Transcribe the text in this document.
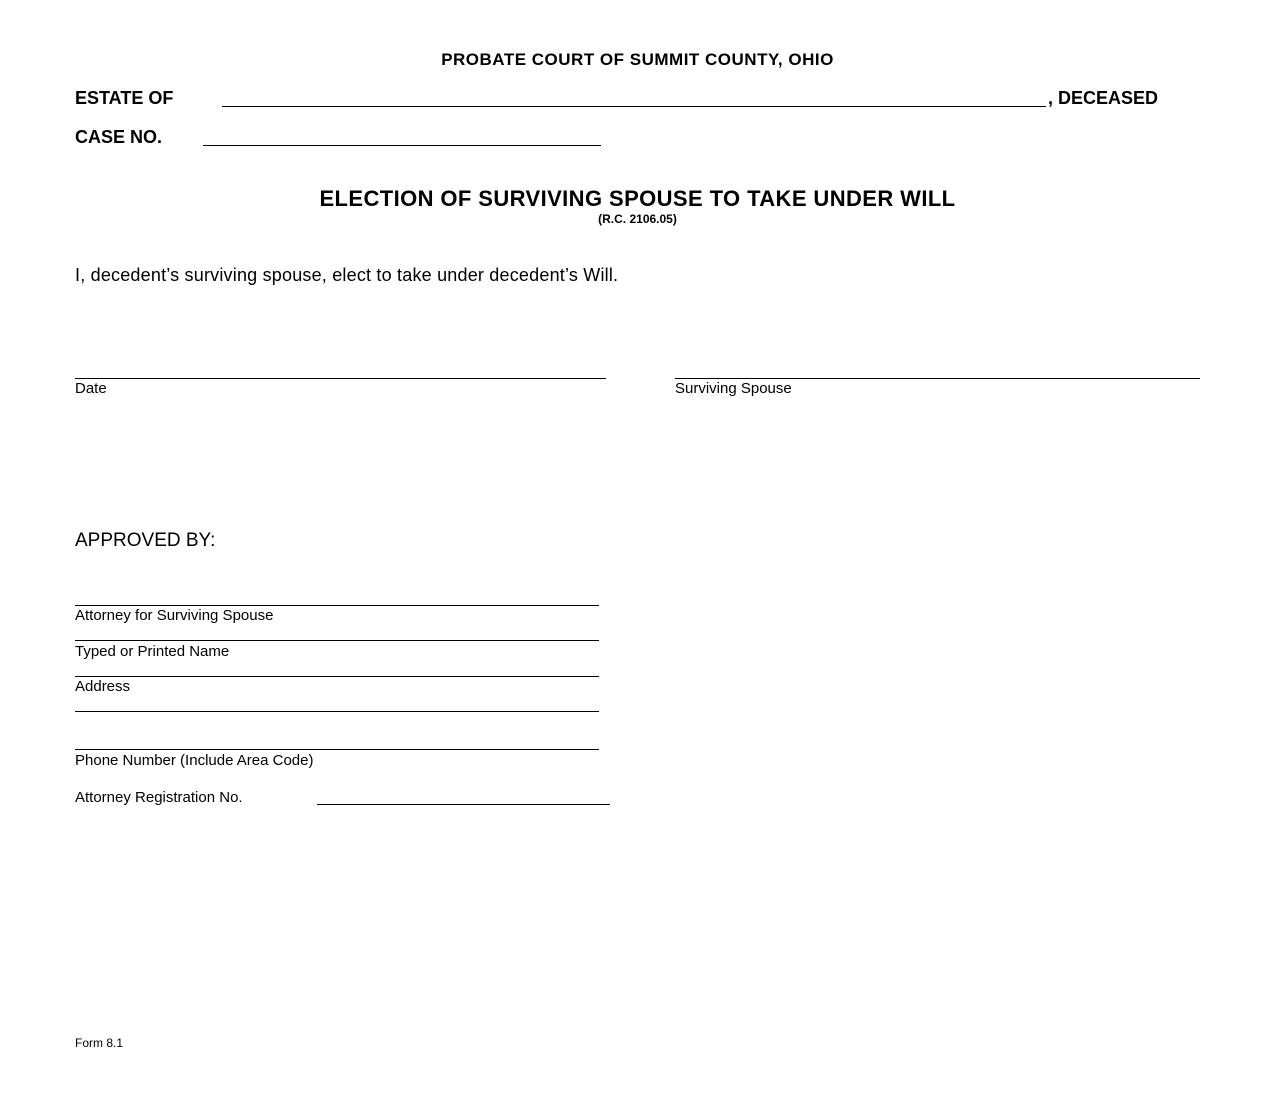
PROBATE COURT OF SUMMIT COUNTY, OHIO
ESTATE OF	, DECEASED
CASE NO.
ELECTION OF SURVIVING SPOUSE TO TAKE UNDER WILL
(R.C. 2106.05)
I, decedent’s surviving spouse, elect to take under decedent’s Will.
Date	Surviving Spouse
APPROVED BY:
Attorney for Surviving Spouse
Typed or Printed Name
Address
Phone Number (Include Area Code)
Attorney Registration No.
Form 8.1
